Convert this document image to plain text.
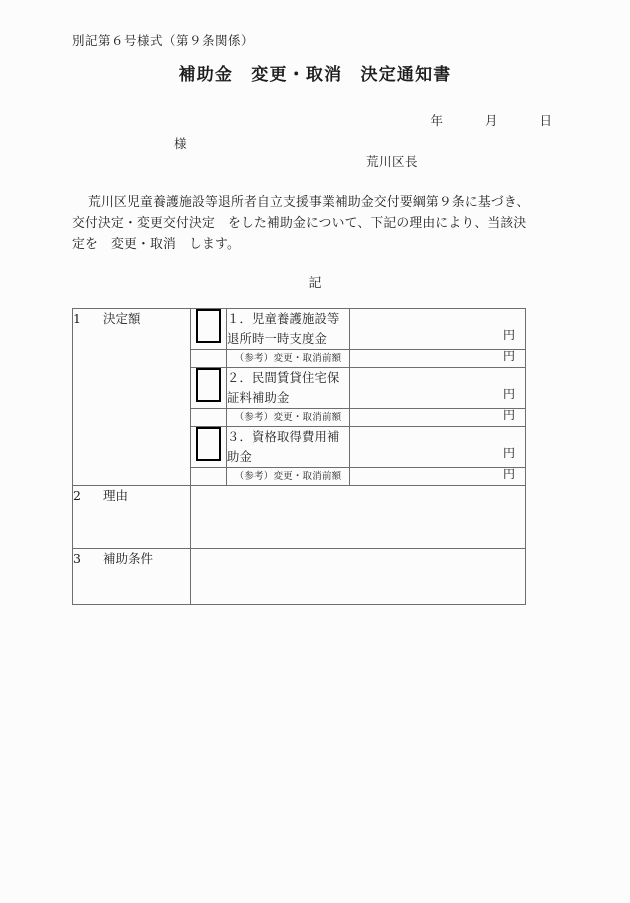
別記第６号様式（第９条関係）
補助金　変更・取消　決定通知書
年	月	日
様
荒川区長
荒川区児童養護施設等退所者自立支援事業補助金交付要綱第９条に基づき、
交付決定・変更交付決定　をした補助金について、下記の理由により、当該決
定を　変更・取消　します。
記
1 決定額		１．児童養護施設等退所時一時支度金	円

		（参考）変更・取消前額	円

		２．民間賃貸住宅保証料補助金	円

		（参考）変更・取消前額	円

		３．資格取得費用補助金	円

		（参考）変更・取消前額	円

2 理由			
3 補助条件			
